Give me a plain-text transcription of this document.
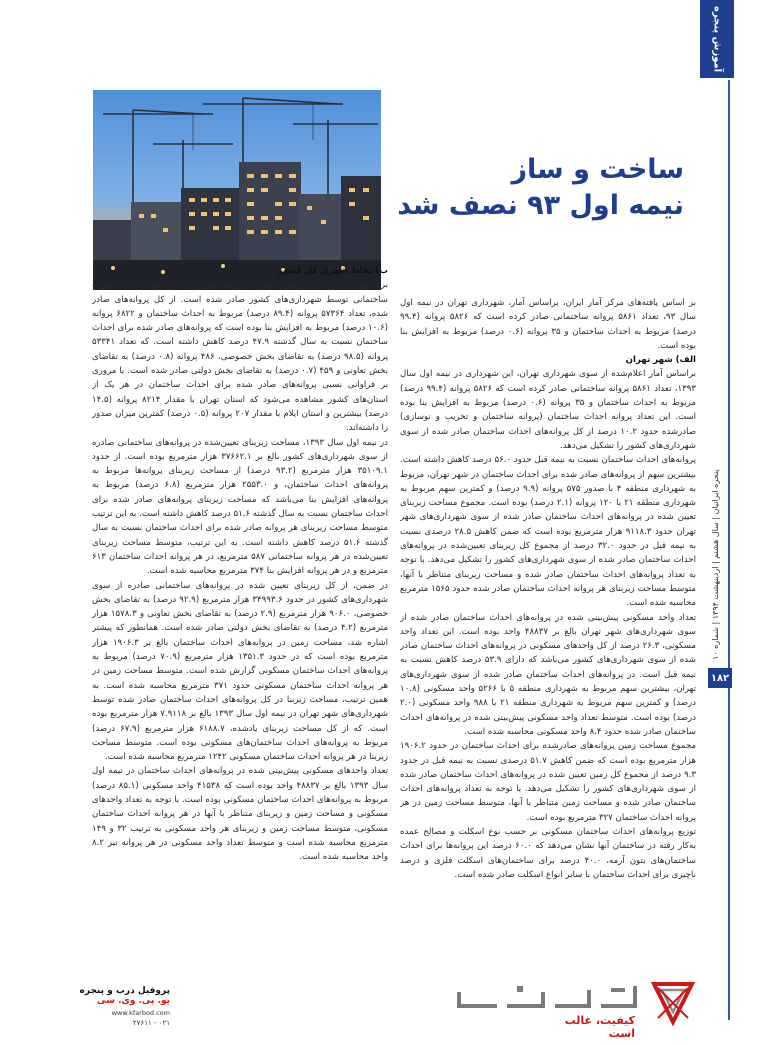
آموزش پنجره
پنجره ایرانیان | سال هشتم | اردیبهشت ۱۳۹۴ | شماره ۱۰
۱۸۲
ساخت و ساز
نیمه اول ۹۳ نصف شد

بر اساس یافته‌های مرکز آمار ایران، براساس آمار، شهرداری تهران در نیمه اول سال ۹۳، تعداد ۵۸۶۱ پروانه ساختمانی صادر کرده است که ۵۸۲۶ پروانه (۹۹.۴ درصد) مربوط به احداث ساختمان و ۳۵ پروانه (۰.۶ درصد) مربوط به افزایش بنا بوده است.

الف) شهر تهران

براساس آمار اعلام‌شده از سوی شهرداری تهران، این شهرداری در نیمه اول سال ۱۳۹۳، تعداد ۵۸۶۱ پروانه ساختمانی صادر کرده است که ۵۸۲۶ پروانه (۹۹.۴ درصد) مربوط به احداث ساختمان و ۳۵ پروانه (۰.۶ درصد) مربوط به افزایش بنا بوده است. این تعداد پروانه احداث ساختمان (پروانه ساختمان و تخریب و نوسازی) صادرشده حدود ۱۰.۲ درصد از کل پروانه‌های احداث ساختمان صادر شده از سوی شهرداری‌های کشور را تشکیل می‌دهد.

پروانه‌های احداث ساختمان نسبت به نیمه قبل حدود ۵۶.۰ درصد کاهش داشته است. بیشترین سهم از پروانه‌های صادر شده برای احداث ساختمان در شهر تهران، مربوط به شهرداری منطقه ۴ با صدور ۵۷۵ پروانه (۹.۹ درصد) و کمترین سهم مربوط به شهرداری منطقه ۲۱ با ۱۲۰ پروانه (۲.۱ درصد) بوده است. مجموع مساحت زیربنای تعیین شده در پروانه‌های احداث ساختمان صادر شده از سوی شهرداری‌های شهر تهران حدود ۹۱۱۸.۳ هزار مترمربع بوده است که ضمن کاهش ۲۸.۵ درصدی نسبت به نیمه قبل در حدود ۳۲.۰ درصد از مجموع کل زیربنای تعیین‌شده در پروانه‌های احداث ساختمان صادر شده از سوی شهرداری‌های کشور را تشکیل می‌دهد. با توجه به تعداد پروانه‌های احداث ساختمان صادر شده و مساحت زیربنای متناظر با آنها، متوسط مساحت زیربنای هر پروانه احداث ساختمان صادر شده حدود ۱۵۶۵ مترمربع محاسبه شده است.

تعداد واحد مسکونی پیش‌بینی شده در پروانه‌های احداث ساختمان صادر شده از سوی شهرداری‌های شهر تهران بالغ بر ۴۸۸۳۷ واحد بوده است. این تعداد واحد مسکونی، ۲۶.۳ درصد از کل واحدهای مسکونی در پروانه‌های احداث ساختمان صادر شده از سوی شهرداری‌های کشور می‌باشد که دارای ۵۳.۹ درصد کاهش نسبت به نیمه قبل است. در پروانه‌های احداث ساختمان صادر شده از سوی شهرداری‌های تهران، بیشترین سهم مربوط به شهرداری منطقه ۵ با ۵۲۶۶ واحد مسکونی (۱۰.۸ درصد) و کمترین سهم مربوط به شهرداری منطقه ۲۱ با ۹۸۸ واحد مسکونی (۲.۰ درصد) بوده است. متوسط تعداد واحد مسکونی پیش‌بینی شده در پروانه‌های احداث ساختمان صادر شده حدود ۸.۴ واحد مسکونی محاسبه شده است.

مجموع مساحت زمین پروانه‌های صادرشده برای احداث ساختمان در حدود ۱۹۰۶.۲ هزار مترمربع بوده است که ضمن کاهش ۵۱.۷ درصدی نسبت به نیمه قبل در حدود ۹.۳ درصد از مجموع کل زمین تعیین شده در پروانه‌های احداث ساختمان صادر شده از سوی شهرداری‌های کشور را تشکیل می‌دهد. با توجه به تعداد پروانه‌های احداث ساختمان صادر شده و مساحت زمین متناظر با آنها، متوسط مساحت زمین در هر پروانه احداث ساختمان ۳۲۷ مترمربع بوده است.

توزیع پروانه‌های احداث ساختمان مسکونی بر حسب نوع اسکلت و مصالح عمده به‌کار رفته در ساختمان آنها نشان می‌دهد که ۶۰.۰ درصد این پروانه‌ها برای احداث ساختمان‌های بتون آرمه، ۴۰.۰ درصد برای ساختمان‌های اسکلت فلزی و درصد ناچیزی برای احداث ساختمان با سایر انواع اسکلت صادر شده است.

ب) نقاط شهری کل کشور

براساس نتایج حاصل از اجرای طرح، در نیمه اول سال ۱۳۹۳ تعداد ۶۴۱۸۶ پروانه ساختمانی توسط شهرداری‌های کشور صادر شده است. از کل پروانه‌های صادر شده، تعداد ۵۷۳۶۴ پروانه (۸۹.۴ درصد) مربوط به احداث ساختمان و ۶۸۲۲ پروانه (۱۰.۶ درصد) مربوط به افزایش بنا بوده است که پروانه‌های صادر شده برای احداث ساختمان نسبت به سال گذشته ۴۷.۹ درصد کاهش داشته است. که تعداد ۵۳۳۴۱ پروانه (۹۸.۵ درصد) به تقاضای بخش خصوصی، ۴۸۶ پروانه (۰.۸ درصد) به تقاضای بخش تعاونی و ۴۵۹ (۰.۷ درصد) به تقاضای بخش دولتی صادر شده است. با مروری بر فراوانی نسبی پروانه‌های صادر شده برای احداث ساختمان در هر یک از استان‌های کشور مشاهده می‌شود که استان تهران با مقدار ۸۲۱۴ پروانه (۱۴.۵ درصد) بیشترین و استان ایلام با مقدار ۲۰۷ پروانه (۰.۵ درصد) کمترین میزان صدور را داشته‌اند.

در نیمه اول سال ۱۳۹۳، مساحت زیربنای تعیین‌شده در پروانه‌های ساختمانی صادره از سوی شهرداری‌های کشور بالغ بر ۳۷۶۶۲.۱ هزار مترمربع بوده است. از حدود ۳۵۱۰۹.۱ هزار مترمربع (۹۳.۲ درصد) از مساحت زیربنای پروانه‌ها مربوط به پروانه‌های احداث ساختمان، و ۲۵۵۳.۰ هزار مترمربع (۶.۸ درصد) مربوط به پروانه‌های افزایش بنا می‌باشد که مساحت زیربنای پروانه‌های صادر شده برای احداث ساختمان نسبت به سال گذشته ۵۱.۶ درصد کاهش داشته است. به این ترتیب متوسط مساحت زیربنای هر پروانه صادر شده برای احداث ساختمان نسبت به سال گذشته ۵۱.۶ درصد کاهش داشته است. به این ترتیب، متوسط مساحت زیربنای تعیین‌شده در هر پروانه ساختمانی ۵۸۷ مترمربع، در هر پروانه احداث ساختمان ۶۱۳ مترمربع و در هر پروانه افزایش بنا ۳۷۴ مترمربع محاسبه شده است.

در ضمن، از کل زیربنای تعیین شده در پروانه‌های ساختمانی صادره از سوی شهرداری‌های کشور در حدود ۳۴۹۹۳.۶ هزار مترمربع (۹۲.۹ درصد) به تقاضای بخش خصوصی، ۹۰۶.۰ هزار مترمربع (۲.۹ درصد) به تقاضای بخش تعاونی و ۱۵۷۸.۳ هزار مترمربع (۴.۲ درصد) به تقاضای بخش دولتی صادر شده است. همانطور که پیشتر اشاره شد، مساحت زمین در پروانه‌های احداث ساختمان بالغ بر ۱۹۰۶.۳ هزار مترمربع بوده است که در حدود ۱۳۵۱.۳ هزار مترمربع (۷۰.۹ درصد) مربوط به پروانه‌های احداث ساختمان مسکونی گزارش شده است. متوسط مساحت زمین در هر پروانه احداث ساختمان مسکونی حدود ۳۷۱ مترمربع محاسبه شده است. به همین ترتیب، مساحت زیربنا در کل پروانه‌های احداث ساختمان صادر شده توسط شهرداری‌های شهر تهران در نیمه اول سال ۱۳۹۳ بالغ بر ۷.۹۱۱۸ هزار مترمربع بوده است. که از کل مساحت زیربنای یادشده، ۶۱۸۸.۷ هزار مترمربع (۶۷.۹ درصد) مربوط به پروانه‌های احداث ساختمان‌های مسکونی بوده است. متوسط مساحت زیربنا در هر پروانه احداث ساختمان مسکونی ۱۲۴۲ مترمربع محاسبه شده است.

تعداد واحدهای مسکونی پیش‌بینی شده در پروانه‌های احداث ساختمان در نیمه اول سال ۱۳۹۳ بالغ بر ۴۸۸۳۷ واحد بوده است که ۴۱۵۳۸ واحد مسکونی (۸۵.۱ درصد) مربوط به پروانه‌های احداث ساختمان مسکونی بوده است. با توجه به تعداد واحدهای مسکونی و مساحت زمین و زیربنای متناظر با آنها در هر پروانه احداث ساختمان مسکونی، متوسط مساحت زمین و زیربنای هر واحد مسکونی به ترتیب ۳۲ و ۱۴۹ مترمربع محاسبه شده است و متوسط تعداد واحد مسکونی در هر پروانه نیز ۸.۲ واحد محاسبه شده است.

پروفیل درب و پنجره
یو. پی. وی. سی
www.kfarbod.com
۰۲۱ - ۲۷۶۱۱	کیفیت، غالب است
